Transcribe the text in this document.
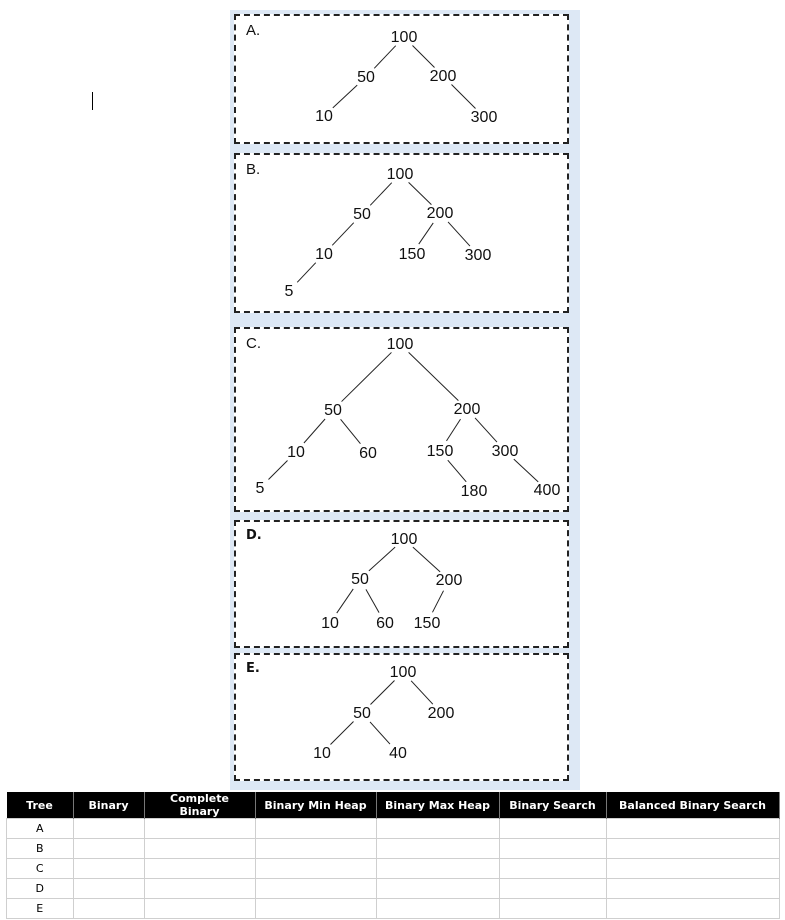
A.	100
50	200
10	300
B.	100
50	200
10	150 300
5
C.	100
50	200
10	60	150 300
5	180	400
D.	100
50	200
10 60 150
E.	100
50	200
10	40
Tree	Binary	Complete Binary	Binary Min Heap	Binary Max Heap	Binary Search	Balanced Binary Search
A						
B						
C						
D						
E						
